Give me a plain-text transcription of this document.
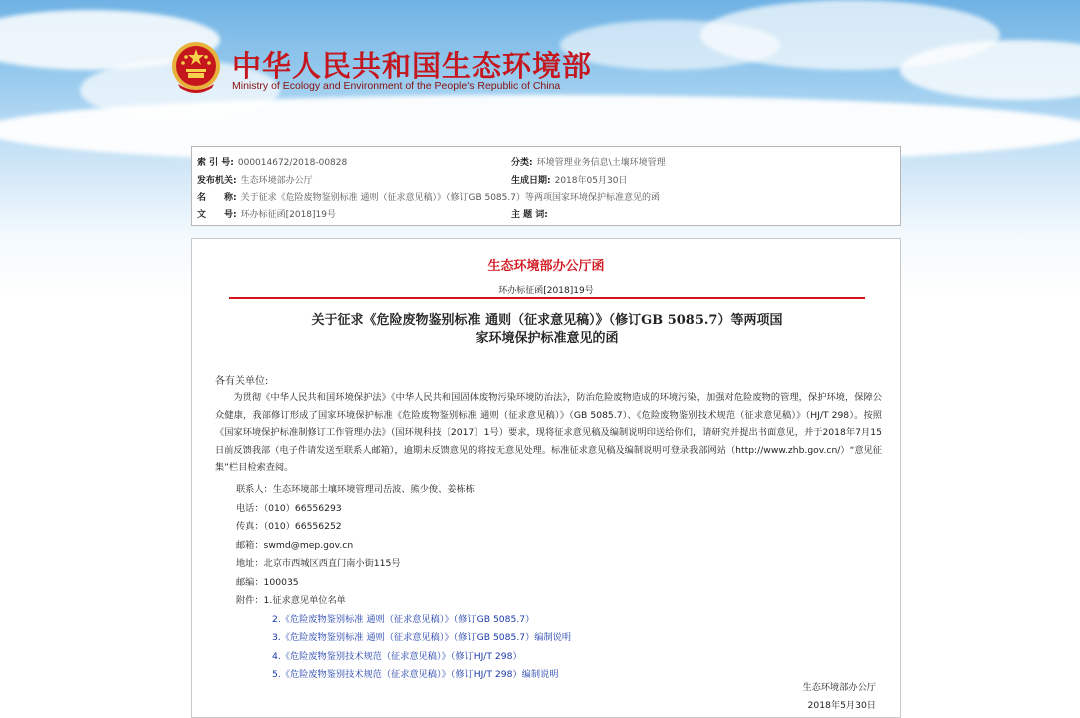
中华人民共和国生态环境部
Ministry of Ecology and Environment of the People's Republic of China
索 引 号: 000014672/2018-00828	分类: 环境管理业务信息\土壤环境管理
发布机关: 生态环境部办公厅	生成日期: 2018年05月30日
名　　称: 关于征求《危险废物鉴别标准 通则（征求意见稿）》（修订GB 5085.7）等两项国家环境保护标准意见的函
文　　号: 环办标征函[2018]19号	主 题 词:
生态环境部办公厅函
环办标征函[2018]19号
关于征求《危险废物鉴别标准 通则（征求意见稿）》（修订GB 5085.7）等两项国
家环境保护标准意见的函
各有关单位:
为贯彻《中华人民共和国环境保护法》《中华人民共和国固体废物污染环境防治法》，防治危险废物造成的环境污染，加强对危险废物的管理，保护环境，保障公众健康，我部修订形成了国家环境保护标准《危险废物鉴别标准 通则（征求意见稿）》（GB 5085.7）、《危险废物鉴别技术规范（征求意见稿）》（HJ/T 298）。按照《国家环境保护标准制修订工作管理办法》（国环规科技〔2017〕1号）要求，现将征求意见稿及编制说明印送给你们，请研究并提出书面意见，并于2018年7月15日前反馈我部（电子件请发送至联系人邮箱），逾期未反馈意见的将按无意见处理。标准征求意见稿及编制说明可登录我部网站（http://www.zhb.gov.cn/）“意见征集”栏目检索查阅。
联系人：生态环境部土壤环境管理司岳波、熊少俊、姜栋栋
电话：（010）66556293
传真：（010）66556252
邮箱：swmd@mep.gov.cn
地址：北京市西城区西直门南小街115号
邮编：100035
附件：1.征求意见单位名单
2.《危险废物鉴别标准 通则（征求意见稿）》（修订GB 5085.7）
3.《危险废物鉴别标准 通则（征求意见稿）》（修订GB 5085.7）编制说明
4.《危险废物鉴别技术规范（征求意见稿）》（修订HJ/T 298）
5.《危险废物鉴别技术规范（征求意见稿）》（修订HJ/T 298）编制说明
生态环境部办公厅
2018年5月30日
